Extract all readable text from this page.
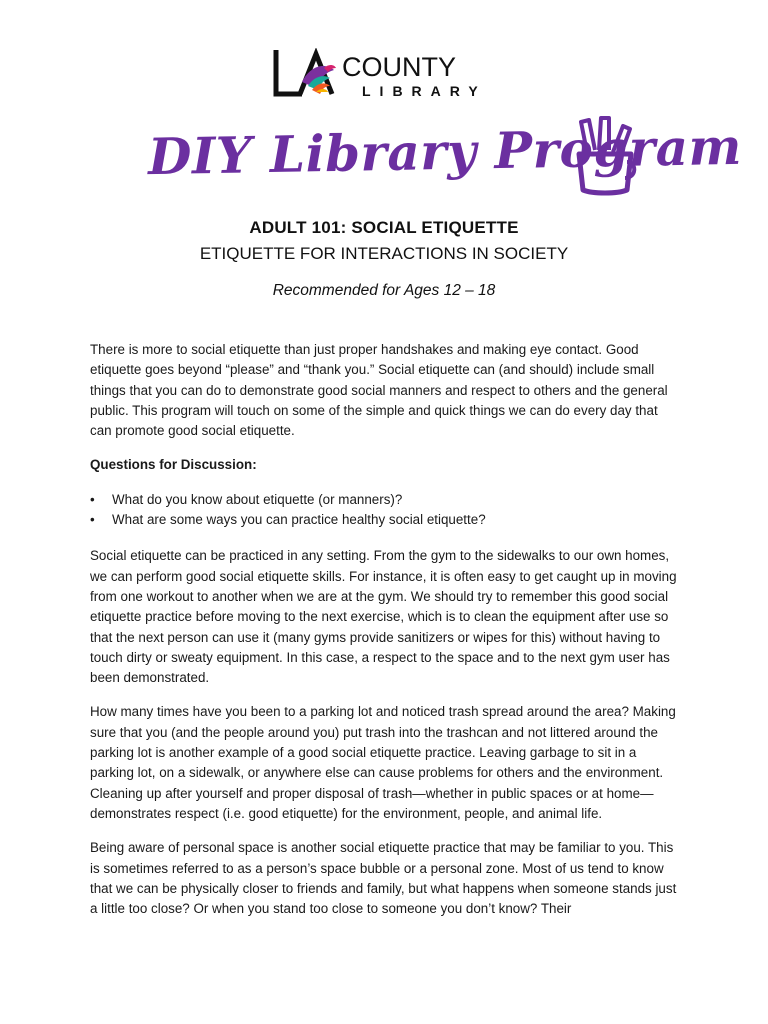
COUNTY
LIBRARY
DIY Library Program
ADULT 101: SOCIAL ETIQUETTE
ETIQUETTE FOR INTERACTIONS IN SOCIETY
Recommended for Ages 12 – 18

There is more to social etiquette than just proper handshakes and making eye contact. Good etiquette goes beyond “please” and “thank you.” Social etiquette can (and should) include small things that you can do to demonstrate good social manners and respect to others and the general public. This program will touch on some of the simple and quick things we can do every day that can promote good social etiquette.

Questions for Discussion:

• What do you know about etiquette (or manners)?
• What are some ways you can practice healthy social etiquette?

Social etiquette can be practiced in any setting. From the gym to the sidewalks to our own homes, we can perform good social etiquette skills. For instance, it is often easy to get caught up in moving from one workout to another when we are at the gym. We should try to remember this good social etiquette practice before moving to the next exercise, which is to clean the equipment after use so that the next person can use it (many gyms provide sanitizers or wipes for this) without having to touch dirty or sweaty equipment. In this case, a respect to the space and to the next gym user has been demonstrated.

How many times have you been to a parking lot and noticed trash spread around the area? Making sure that you (and the people around you) put trash into the trashcan and not littered around the parking lot is another example of a good social etiquette practice. Leaving garbage to sit in a parking lot, on a sidewalk, or anywhere else can cause problems for others and the environment. Cleaning up after yourself and proper disposal of trash—whether in public spaces or at home—demonstrates respect (i.e. good etiquette) for the environment, people, and animal life.

Being aware of personal space is another social etiquette practice that may be familiar to you. This is sometimes referred to as a person’s space bubble or a personal zone. Most of us tend to know that we can be physically closer to friends and family, but what happens when someone stands just a little too close? Or when you stand too close to someone you don’t know? Their
